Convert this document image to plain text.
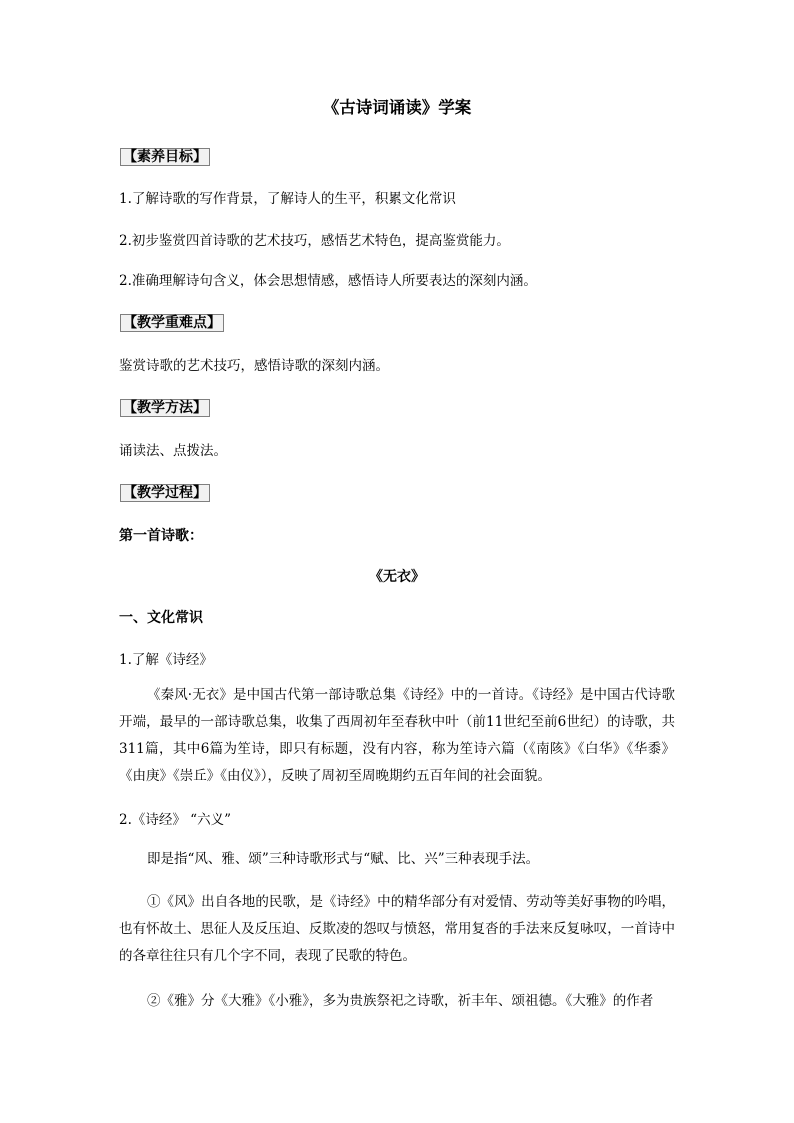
《古诗词诵读》学案
【素养目标】
1.了解诗歌的写作背景，了解诗人的生平，积累文化常识
2.初步鉴赏四首诗歌的艺术技巧，感悟艺术特色，提高鉴赏能力。
2.准确理解诗句含义，体会思想情感，感悟诗人所要表达的深刻内涵。
【教学重难点】
鉴赏诗歌的艺术技巧，感悟诗歌的深刻内涵。
【教学方法】
诵读法、点拨法。
【教学过程】
第一首诗歌：
《无衣》
一、文化常识
1.了解《诗经》
《秦风·无衣》是中国古代第一部诗歌总集《诗经》中的一首诗。《诗经》是中国古代诗歌开端，最早的一部诗歌总集，收集了西周初年至春秋中叶（前11世纪至前6世纪）的诗歌，共311篇，其中6篇为笙诗，即只有标题，没有内容，称为笙诗六篇（《南陔》《白华》《华黍》《由庚》《崇丘》《由仪》），反映了周初至周晚期约五百年间的社会面貌。
2.《诗经》 “六义”
即是指“风、雅、颂”三种诗歌形式与“赋、比、兴”三种表现手法。
①《风》出自各地的民歌，是《诗经》中的精华部分有对爱情、劳动等美好事物的吟唱，也有怀故土、思征人及反压迫、反欺凌的怨叹与愤怒，常用复沓的手法来反复咏叹，一首诗中的各章往往只有几个字不同，表现了民歌的特色。
②《雅》分《大雅》《小雅》，多为贵族祭祀之诗歌，祈丰年、颂祖德。《大雅》的作者
